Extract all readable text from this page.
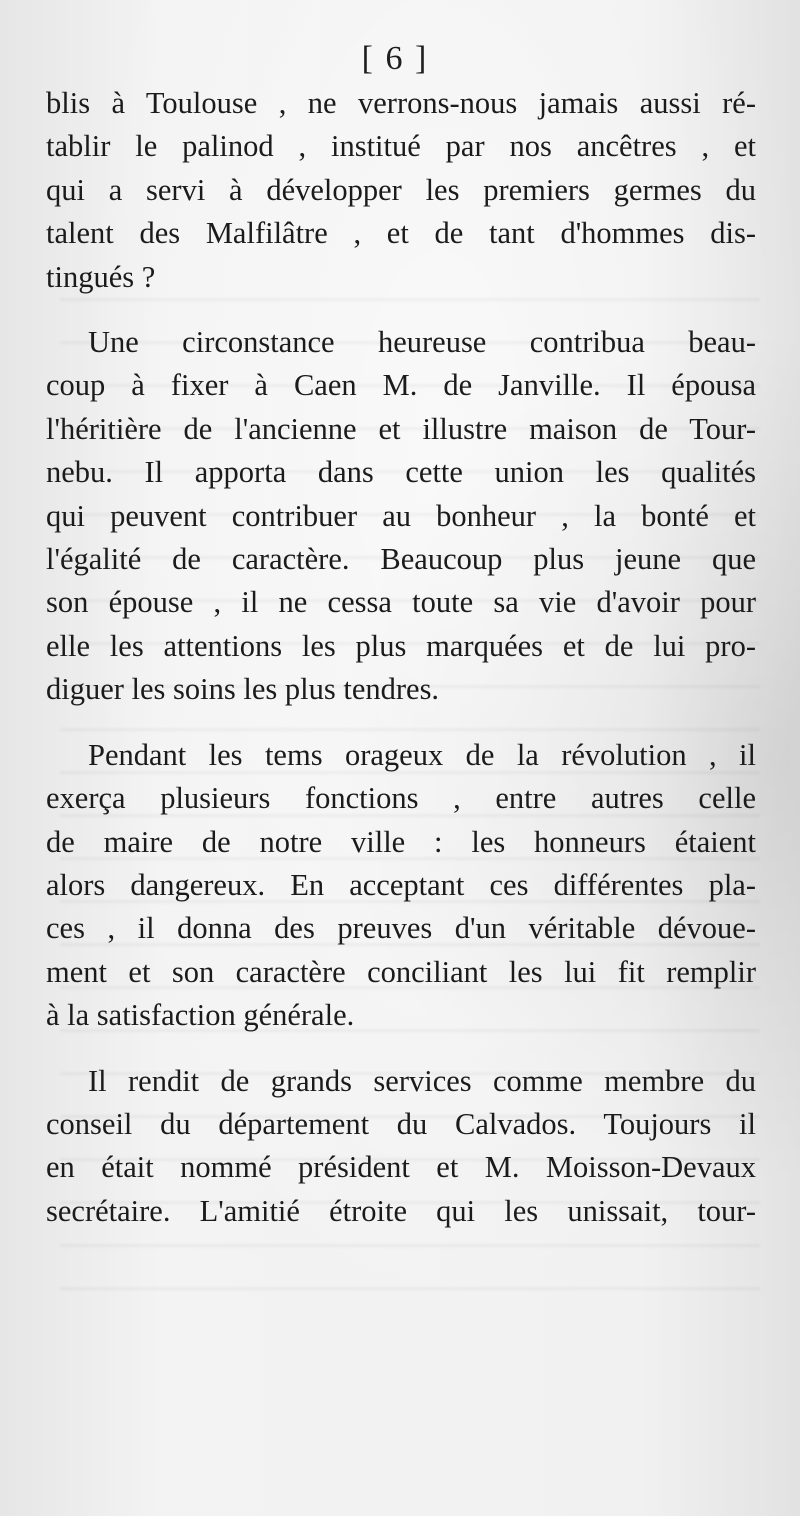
[ 6 ]
blis à Toulouse , ne verrons-nous jamais aussi ré-
tablir le palinod , institué par nos ancêtres , et
qui a servi à développer les premiers germes du
talent des Malfilâtre , et de tant d'hommes dis-
tingués ?
Une circonstance heureuse contribua beau-
coup à fixer à Caen M. de Janville. Il épousa
l'héritière de l'ancienne et illustre maison de Tour-
nebu. Il apporta dans cette union les qualités
qui peuvent contribuer au bonheur , la bonté et
l'égalité de caractère. Beaucoup plus jeune que
son épouse , il ne cessa toute sa vie d'avoir pour
elle les attentions les plus marquées et de lui pro-
diguer les soins les plus tendres.
Pendant les tems orageux de la révolution , il
exerça plusieurs fonctions , entre autres celle
de maire de notre ville : les honneurs étaient
alors dangereux. En acceptant ces différentes pla-
ces , il donna des preuves d'un véritable dévoue-
ment et son caractère conciliant les lui fit remplir
à la satisfaction générale.
Il rendit de grands services comme membre du
conseil du département du Calvados. Toujours il
en était nommé président et M. Moisson-Devaux
secrétaire. L'amitié étroite qui les unissait, tour-
